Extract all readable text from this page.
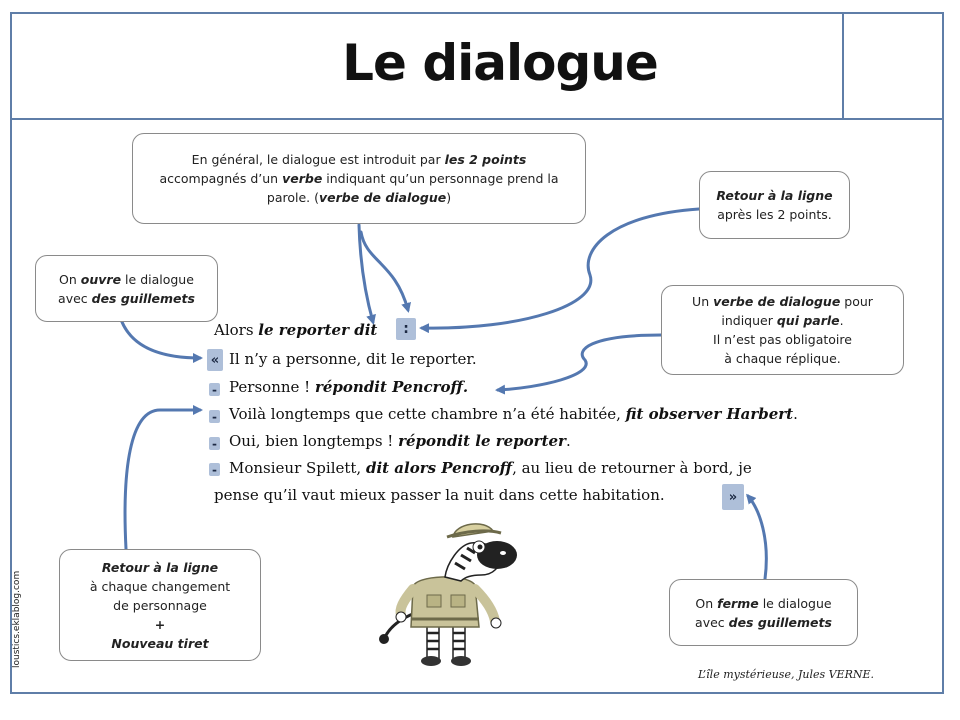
Le dialogue
En général, le dialogue est introduit par les 2 points
accompagnés d’un verbe indiquant qu’un personnage prend la
parole. (verbe de dialogue)	Retour à la ligne
après les 2 points.
On ouvre le dialogue
avec des guillemets	Un verbe de dialogue pour
indiquer qui parle.
Il n’est pas obligatoire
à chaque réplique.
Retour à la ligne
à chaque changement
de personnage
+
Nouveau tiret
On ferme le dialogue
avec des guillemets
Alors le reporter dit	:
« Il n’y a personne, dit le reporter.
- Personne ! répondit Pencroff.
- Voilà longtemps que cette chambre n’a été habitée, fit observer Harbert.
- Oui, bien longtemps ! répondit le reporter.
- Monsieur Spilett, dit alors Pencroff, au lieu de retourner à bord, je
pense qu’il vaut mieux passer la nuit dans cette habitation.	»
L’île mystérieuse, Jules VERNE.
loustics.eklablog.com
